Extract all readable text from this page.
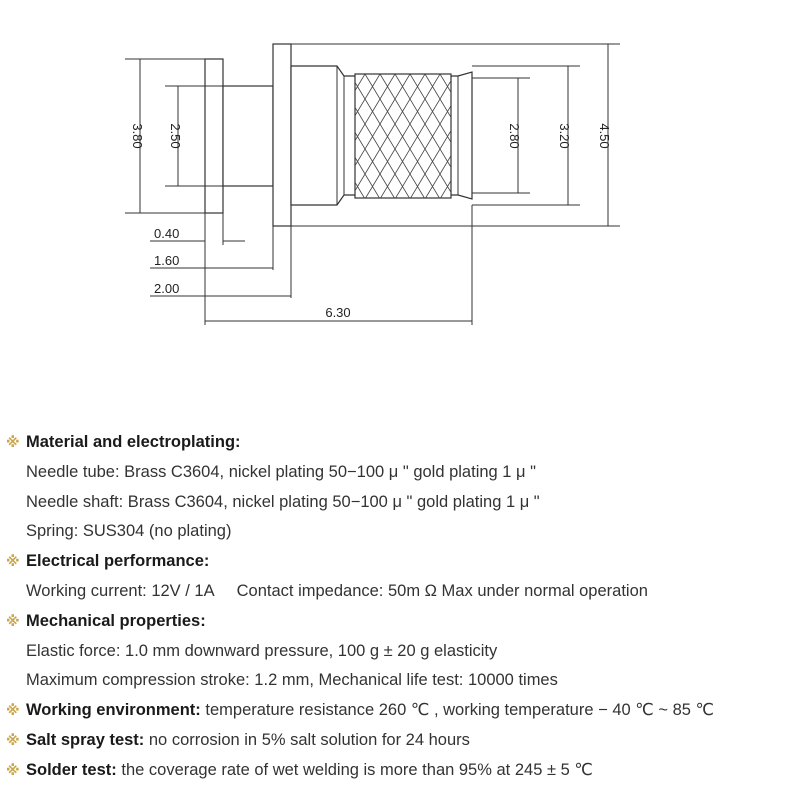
3.80 2.50	2.80	3.20 4.50
0.40
1.60
2.00
6.30
※ Material and electroplating:
Needle tube: Brass C3604, nickel plating 50−100 μ " gold plating 1 μ "
Needle shaft: Brass C3604, nickel plating 50−100 μ " gold plating 1 μ "
Spring: SUS304 (no plating)
※ Electrical performance:
Working current: 12V / 1A Contact impedance: 50m Ω Max under normal operation
※ Mechanical properties:
Elastic force: 1.0 mm downward pressure, 100 g ± 20 g elasticity
Maximum compression stroke: 1.2 mm, Mechanical life test: 10000 times
※ Working environment: temperature resistance 260 ℃ , working temperature − 40 ℃ ~ 85 ℃
※ Salt spray test: no corrosion in 5% salt solution for 24 hours
※ Solder test: the coverage rate of wet welding is more than 95% at 245 ± 5 ℃
